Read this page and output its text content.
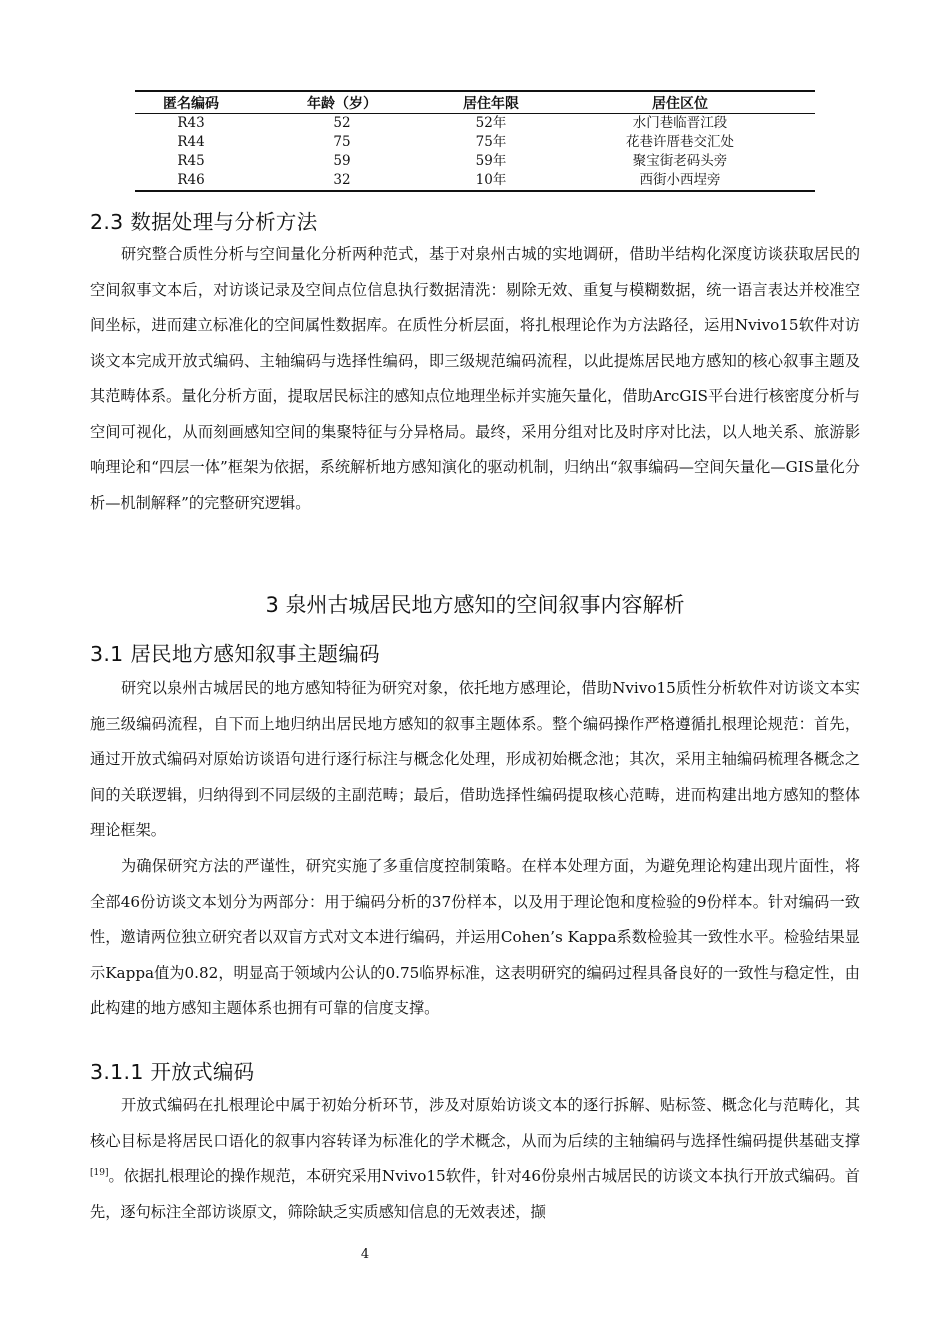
匿名编码	年龄（岁）	居住年限	居住区位
R43	52	52年	水门巷临晋江段
R44	75	75年	花巷许厝巷交汇处
R45	59	59年	聚宝街老码头旁
R46	32	10年	西街小西埕旁
2.3 数据处理与分析方法

研究整合质性分析与空间量化分析两种范式，基于对泉州古城的实地调研，借助半结构化深度访谈获取居民的空间叙事文本后，对访谈记录及空间点位信息执行数据清洗：剔除无效、重复与模糊数据，统一语言表达并校准空间坐标，进而建立标准化的空间属性数据库。在质性分析层面，将扎根理论作为方法路径，运用Nvivo15软件对访谈文本完成开放式编码、主轴编码与选择性编码，即三级规范编码流程，以此提炼居民地方感知的核心叙事主题及其范畴体系。量化分析方面，提取居民标注的感知点位地理坐标并实施矢量化，借助ArcGIS平台进行核密度分析与空间可视化，从而刻画感知空间的集聚特征与分异格局。最终，采用分组对比及时序对比法，以人地关系、旅游影响理论和“四层一体”框架为依据，系统解析地方感知演化的驱动机制，归纳出“叙事编码—空间矢量化—GIS量化分析—机制解释”的完整研究逻辑。

3 泉州古城居民地方感知的空间叙事内容解析
3.1 居民地方感知叙事主题编码

研究以泉州古城居民的地方感知特征为研究对象，依托地方感理论，借助Nvivo15质性分析软件对访谈文本实施三级编码流程，自下而上地归纳出居民地方感知的叙事主题体系。整个编码操作严格遵循扎根理论规范：首先，通过开放式编码对原始访谈语句进行逐行标注与概念化处理，形成初始概念池；其次，采用主轴编码梳理各概念之间的关联逻辑，归纳得到不同层级的主副范畴；最后，借助选择性编码提取核心范畴，进而构建出地方感知的整体理论框架。

为确保研究方法的严谨性，研究实施了多重信度控制策略。在样本处理方面，为避免理论构建出现片面性，将全部46份访谈文本划分为两部分：用于编码分析的37份样本，以及用于理论饱和度检验的9份样本。针对编码一致性，邀请两位独立研究者以双盲方式对文本进行编码，并运用Cohen’s Kappa系数检验其一致性水平。检验结果显示Kappa值为0.82，明显高于领域内公认的0.75临界标准，这表明研究的编码过程具备良好的一致性与稳定性，由此构建的地方感知主题体系也拥有可靠的信度支撑。

3.1.1 开放式编码

开放式编码在扎根理论中属于初始分析环节，涉及对原始访谈文本的逐行拆解、贴标签、概念化与范畴化，其核心目标是将居民口语化的叙事内容转译为标准化的学术概念，从而为后续的主轴编码与选择性编码提供基础支撑[19]。依据扎根理论的操作规范，本研究采用Nvivo15软件，针对46份泉州古城居民的访谈文本执行开放式编码。首先，逐句标注全部访谈原文，筛除缺乏实质感知信息的无效表述，撷

4
